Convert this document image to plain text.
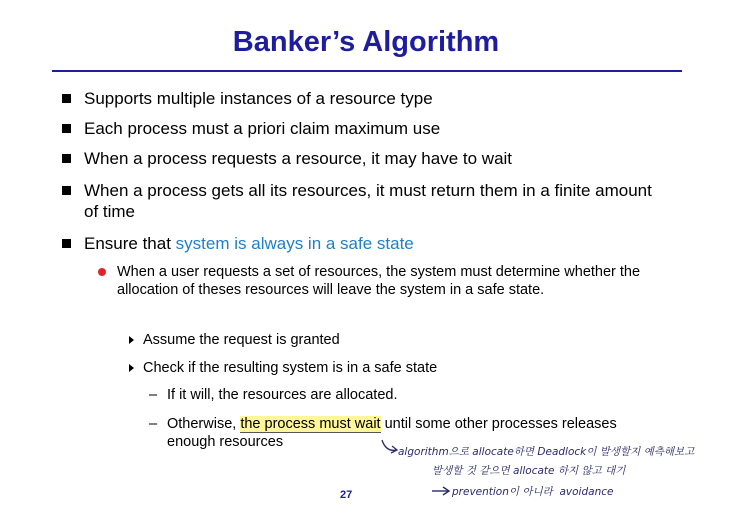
Banker’s Algorithm
Supports multiple instances of a resource type
Each process must a priori claim maximum use
When a process requests a resource, it may have to wait
When a process gets all its resources, it must return them in a finite amount of time
Ensure that system is always in a safe state
When a user requests a set of resources, the system must determine whether the allocation of theses resources will leave the system in a safe state.
Assume the request is granted
Check if the resulting system is in a safe state
– If it will, the resources are allocated.
– Otherwise, the process must wait until some other processes releases enough resources
algorithm으로 allocate하면 Deadlock이 발생할지 예측해보고
발생할 것 같으면 allocate 하지 않고 대기
prevention이 아니라 avoidance
27
